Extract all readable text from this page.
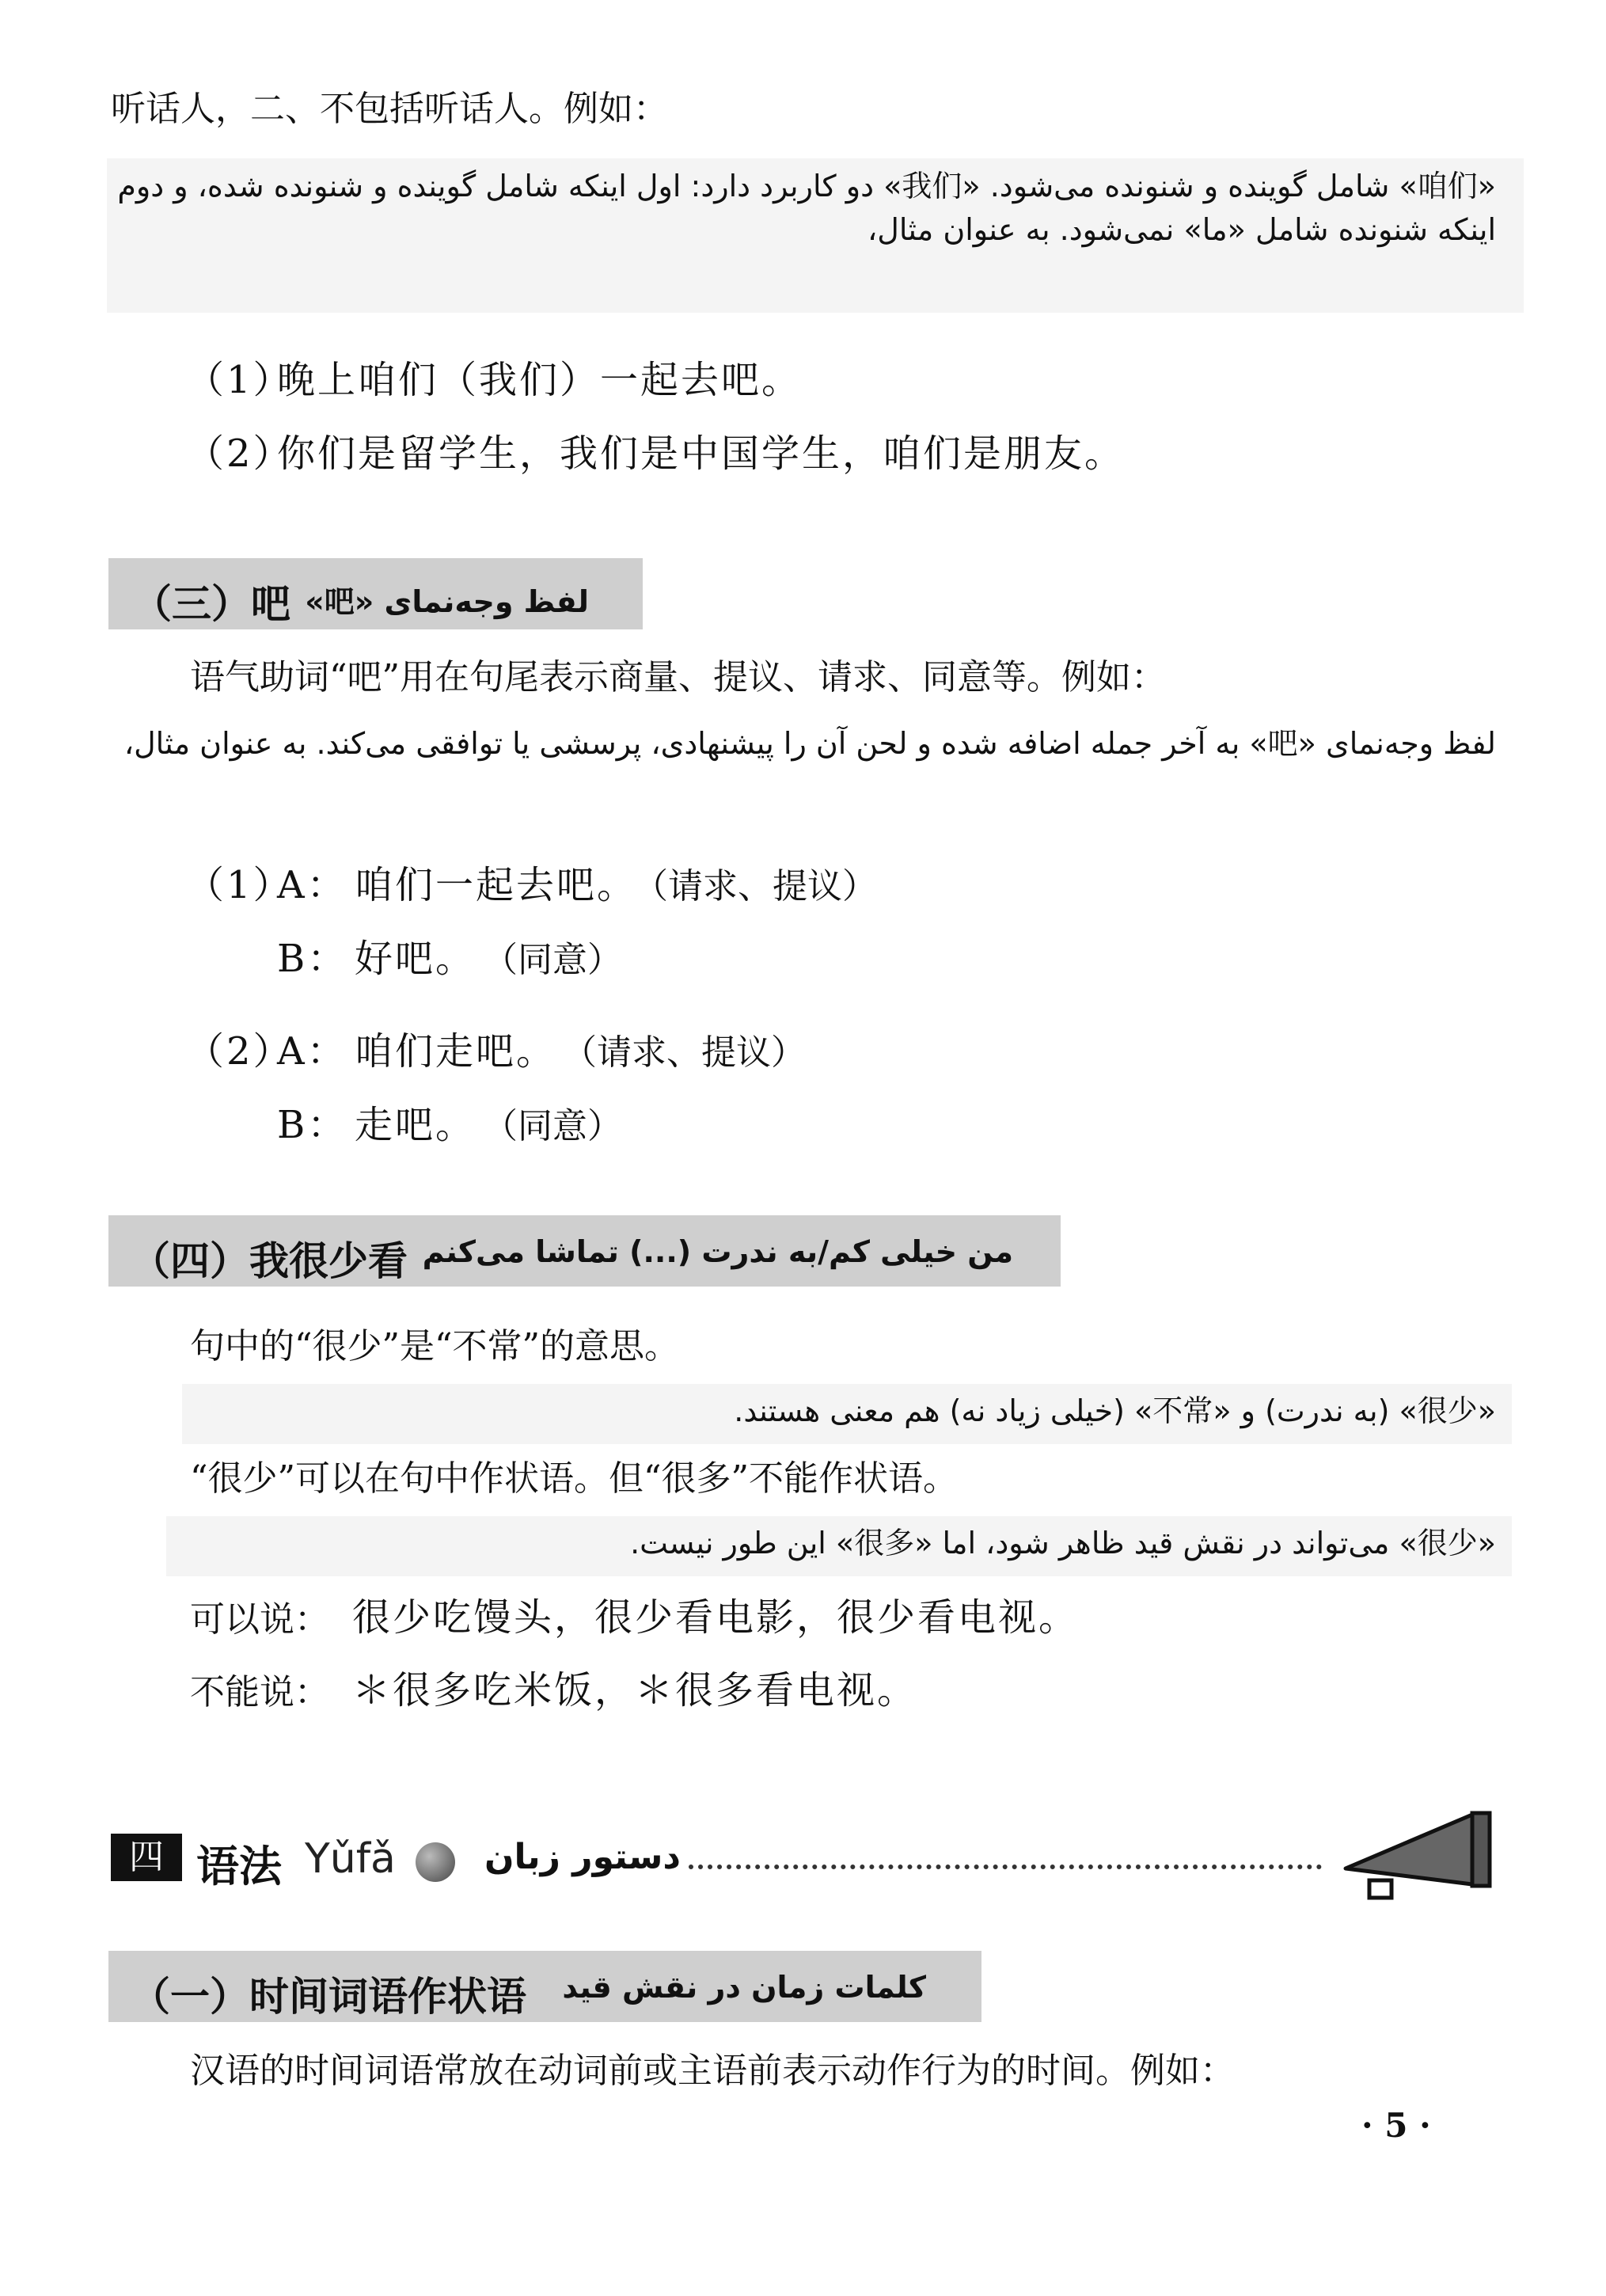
听话人，二、不包括听话人。例如：
«咱们» شامل گوینده و شنونده می‌شود. «我们» دو کاربرد دارد: اول اینکه شامل گوینده و شنونده شده، و دوم اینکه شنونده شامل «ما» نمی‌شود. به عنوان مثال،
（1）
晚上咱们（我们）一起去吧。
（2）
你们是留学生，我们是中国学生，咱们是朋友。
（三）吧 لفظ وجه‌نمای «吧»
语气助词“吧”用在句尾表示商量、提议、请求、同意等。例如：
لفظ وجه‌نمای «吧» به آخر جمله اضافه شده و لحن آن را پیشنهادی، پرسشی یا توافقی می‌کند. به عنوان مثال،
（1）
A： 咱们一起去吧。
（请求、提议）
B： 好吧。 （同意）
（2）
A： 咱们走吧。 （请求、提议）
B： 走吧。 （同意）
（四）我很少看 من خیلی کم/به ندرت (...) تماشا می‌کنم
句中的“很少”是“不常”的意思。
«很少» (به ندرت) و «不常» (خیلی زیاد نه) هم معنی هستند.
“很少”可以在句中作状语。但“很多”不能作状语。
«很少» می‌تواند در نقش قید ظاهر شود، اما «很多» این طور نیست.
可以说： 很少吃馒头，很少看电影，很少看电视。
不能说： ＊很多吃米饭，＊很多看电视。
四 语法 Yǔfǎ	دستور زبان
（一）时间词语作状语 کلمات زمان در نقش قید
汉语的时间词语常放在动词前或主语前表示动作行为的时间。例如：
· 5 ·
